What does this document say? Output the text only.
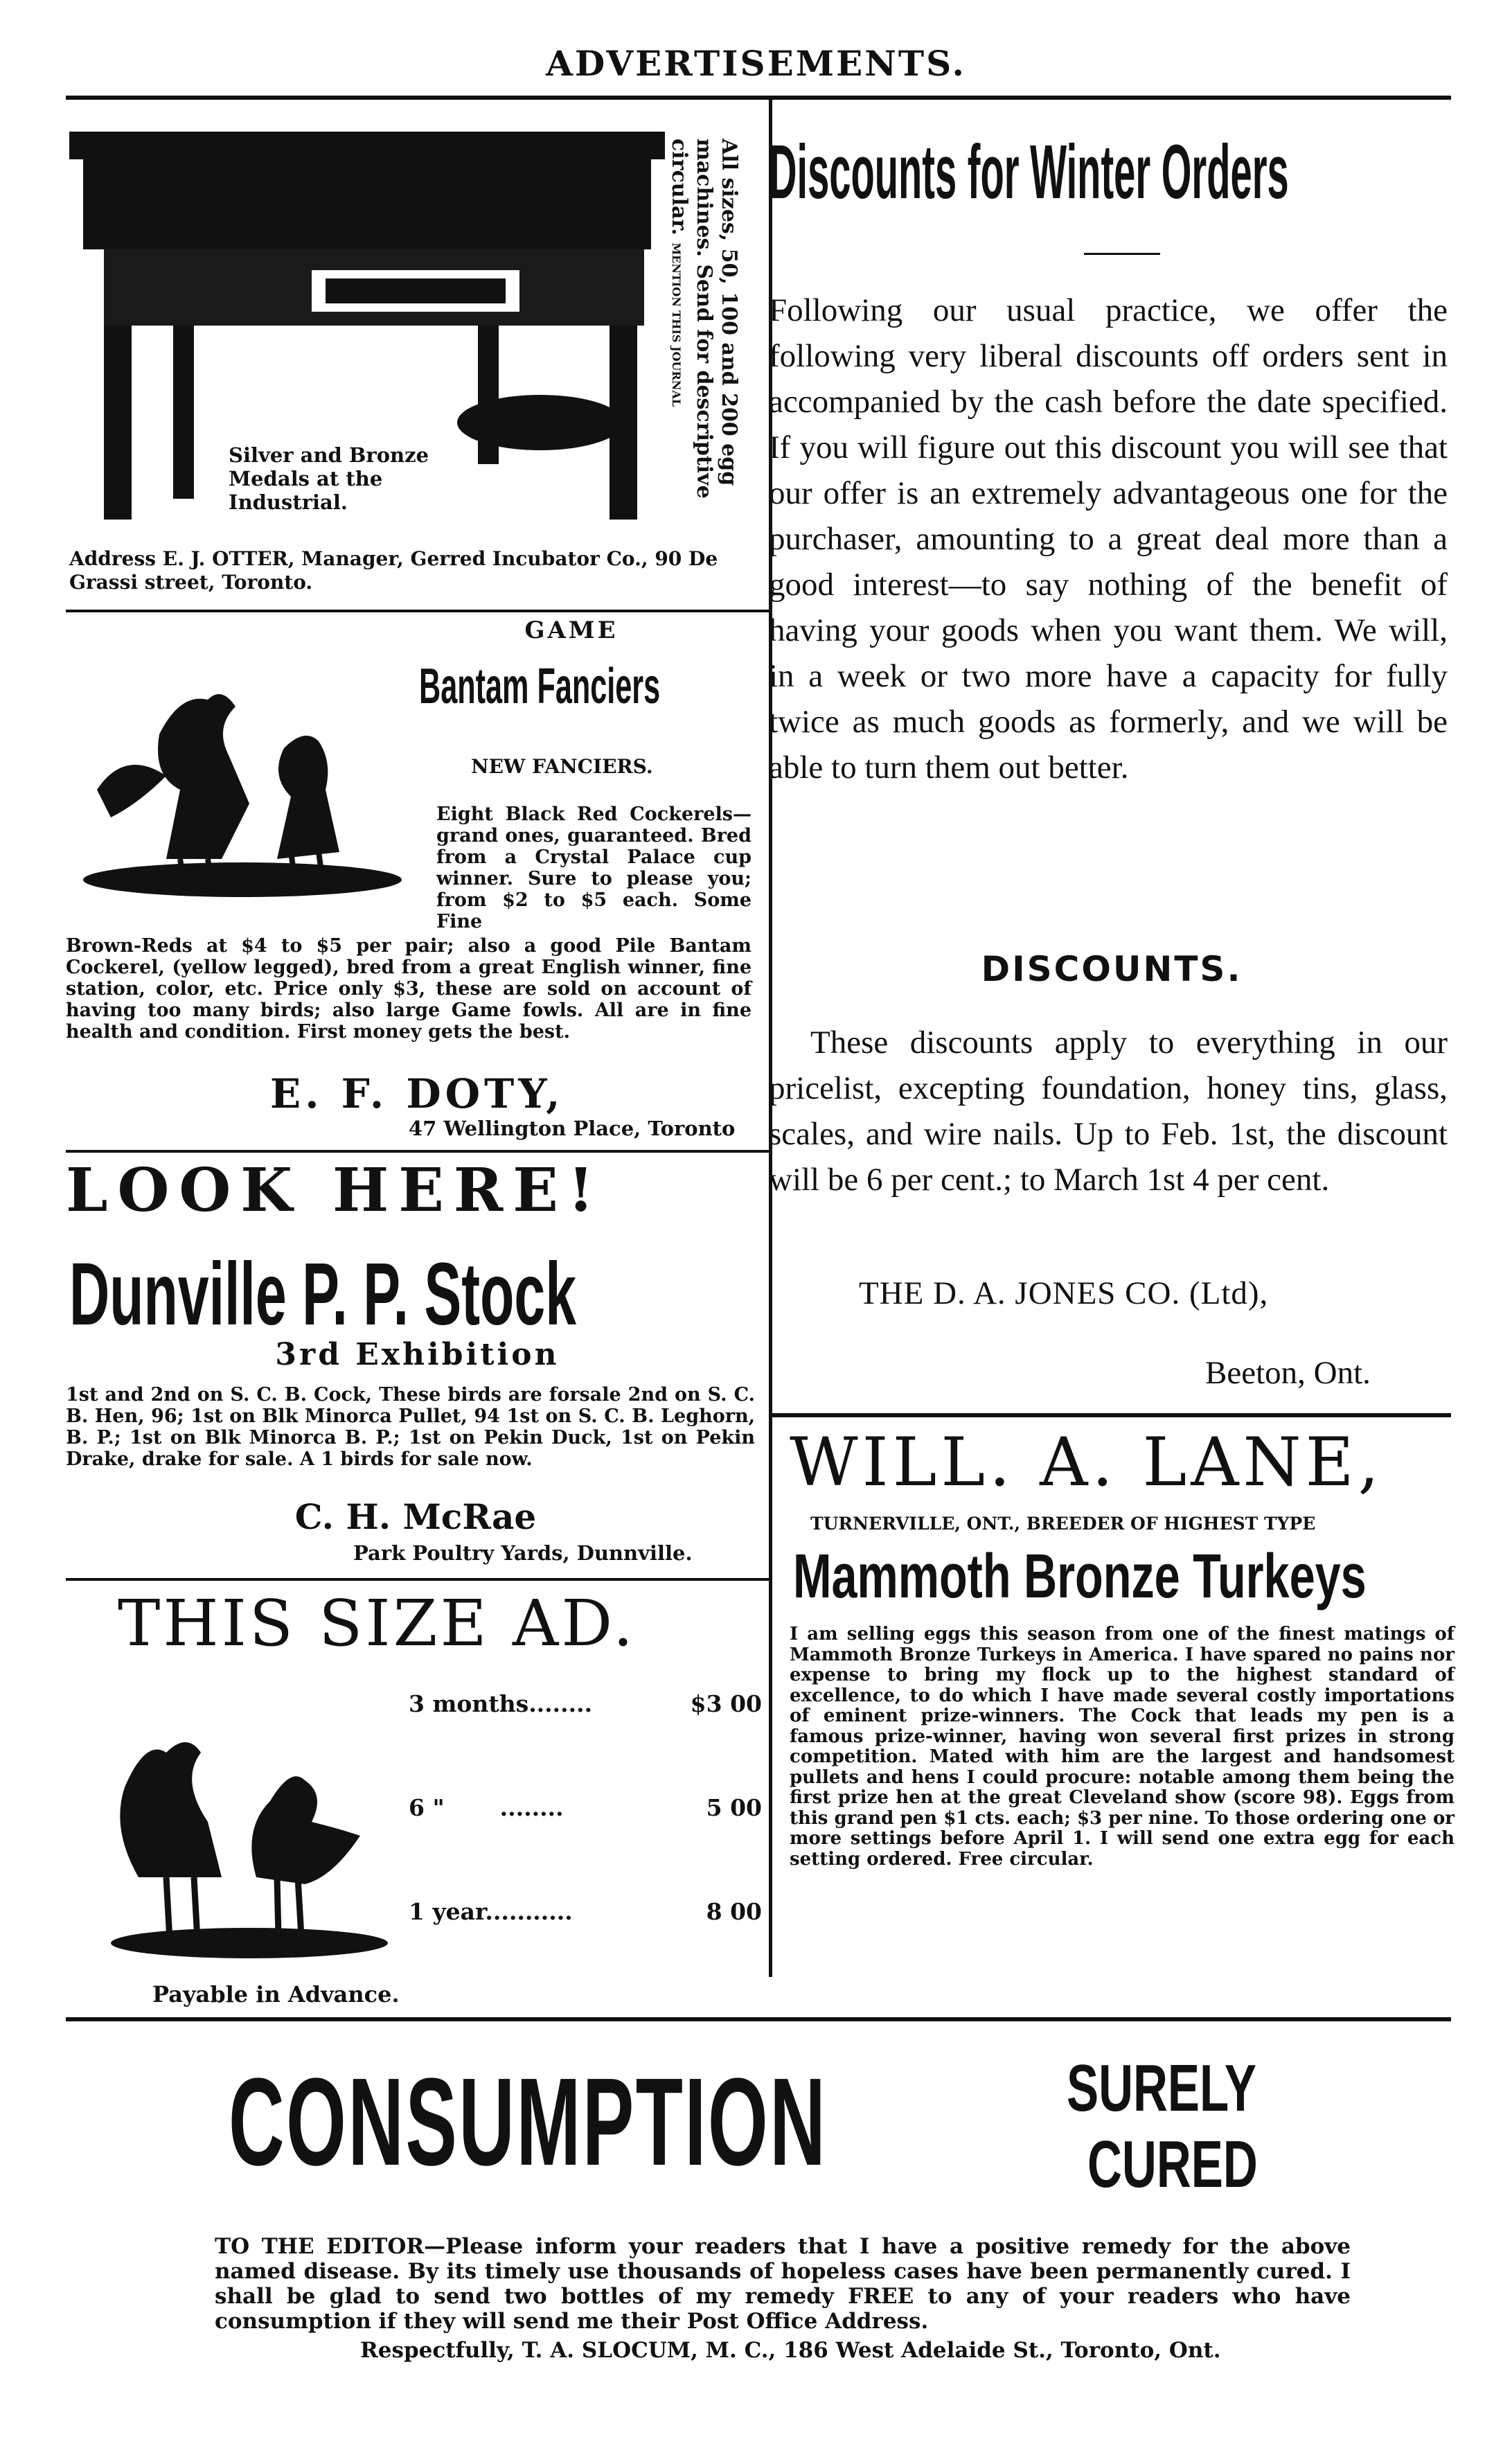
ADVERTISEMENTS.
All sizes, 50, 100 and 200 egg machines. Send for descriptive circular. MENTION THIS JOURNAL
Silver and Bronze Medals at the Industrial.
Address E. J. OTTER, Manager, Gerred Incubator Co., 90 De Grassi street, Toronto.
GAME
Bantam Fanciers
NEW FANCIERS.
Eight Black Red Cockerels—grand ones, guaranteed. Bred from a Crystal Palace cup winner. Sure to please you; from $2 to $5 each. Some Fine
Brown-Reds at $4 to $5 per pair; also a good Pile Bantam Cockerel, (yellow legged), bred from a great English winner, fine station, color, etc. Price only $3, these are sold on account of having too many birds; also large Game fowls. All are in fine health and condition. First money gets the best.
E. F. DOTY,
47 Wellington Place, Toronto
LOOK HERE!
Dunville P. P. Stock
3rd Exhibition
1st and 2nd on S. C. B. Cock, These birds are forsale 2nd on S. C. B. Hen, 96; 1st on Blk Minorca Pullet, 94 1st on S. C. B. Leghorn, B. P.; 1st on Blk Minorca B. P.; 1st on Pekin Duck, 1st on Pekin Drake, drake for sale. A 1 birds for sale now.
C. H. McRae
Park Poultry Yards, Dunnville.
THIS SIZE AD.
3 months........	$3 00
6 " ........	5 00
1 year...........	8 00
Payable in Advance.
Discounts for Winter Orders
Following our usual practice, we offer the following very liberal discounts off orders sent in accompanied by the cash before the date specified. If you will figure out this discount you will see that our offer is an extremely advantageous one for the purchaser, amounting to a great deal more than a good interest—to say nothing of the benefit of having your goods when you want them. We will, in a week or two more have a capacity for fully twice as much goods as formerly, and we will be able to turn them out better.
DISCOUNTS.
These discounts apply to everything in our pricelist, excepting foundation, honey tins, glass, scales, and wire nails. Up to Feb. 1st, the discount will be 6 per cent.; to March 1st 4 per cent.
THE D. A. JONES CO. (Ltd),
Beeton, Ont.
WILL. A. LANE,
TURNERVILLE, ONT., BREEDER OF HIGHEST TYPE
Mammoth Bronze Turkeys
I am selling eggs this season from one of the finest matings of Mammoth Bronze Turkeys in America. I have spared no pains nor expense to bring my flock up to the highest standard of excellence, to do which I have made several costly importations of eminent prize-winners. The Cock that leads my pen is a famous prize-winner, having won several first prizes in strong competition. Mated with him are the largest and handsomest pullets and hens I could procure: notable among them being the first prize hen at the great Cleveland show (score 98). Eggs from this grand pen $1 cts. each; $3 per nine. To those ordering one or more settings before April 1. I will send one extra egg for each setting ordered. Free circular.
CONSUMPTION	SURELY
CURED
TO THE EDITOR—Please inform your readers that I have a positive remedy for the above named disease. By its timely use thousands of hopeless cases have been permanently cured. I shall be glad to send two bottles of my remedy FREE to any of your readers who have consumption if they will send me their Post Office Address.
Respectfully, T. A. SLOCUM, M. C., 186 West Adelaide St., Toronto, Ont.
